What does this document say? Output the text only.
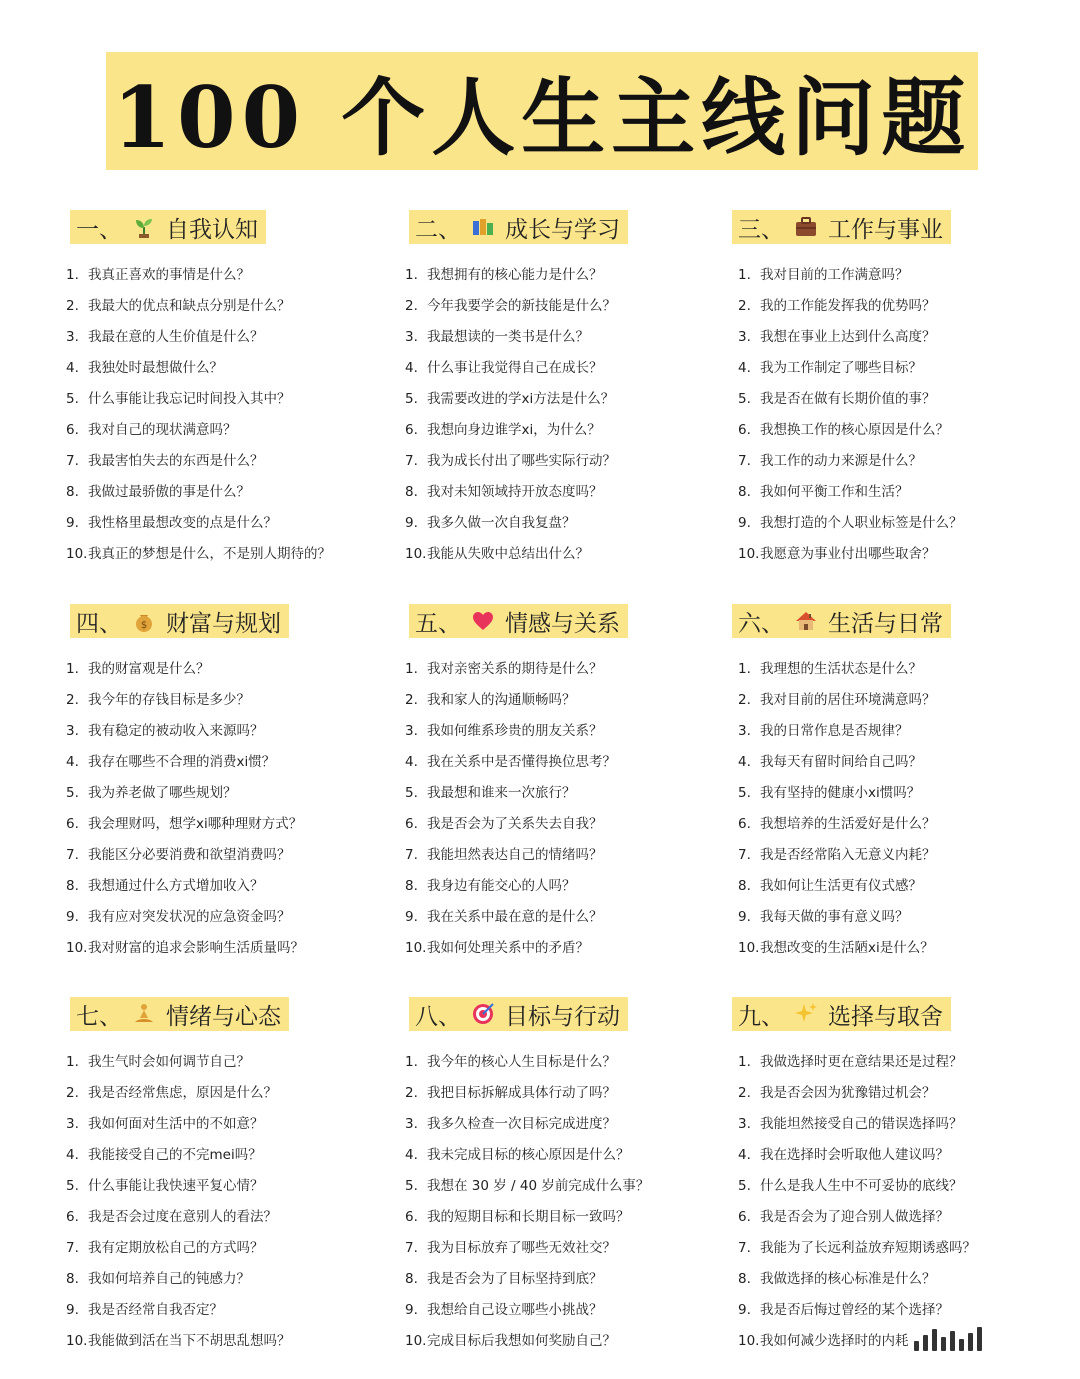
100 个人生主线问题
一、 自我认知
1. 我真正喜欢的事情是什么？
2. 我最大的优点和缺点分别是什么？
3. 我最在意的人生价值是什么？
4. 我独处时最想做什么？
5. 什么事能让我忘记时间投入其中？
6. 我对自己的现状满意吗？
7. 我最害怕失去的东西是什么？
8. 我做过最骄傲的事是什么？
9. 我性格里最想改变的点是什么？
10. 我真正的梦想是什么，不是别人期待的？
二、 成长与学习
1. 我想拥有的核心能力是什么？
2. 今年我要学会的新技能是什么？
3. 我最想读的一类书是什么？
4. 什么事让我觉得自己在成长？
5. 我需要改进的学xi方法是什么？
6. 我想向身边谁学xi，为什么？
7. 我为成长付出了哪些实际行动？
8. 我对未知领域持开放态度吗？
9. 我多久做一次自我复盘？
10. 我能从失败中总结出什么？
三、 工作与事业
1. 我对目前的工作满意吗？
2. 我的工作能发挥我的优势吗？
3. 我想在事业上达到什么高度？
4. 我为工作制定了哪些目标？
5. 我是否在做有长期价值的事？
6. 我想换工作的核心原因是什么？
7. 我工作的动力来源是什么？
8. 我如何平衡工作和生活？
9. 我想打造的个人职业标签是什么？
10. 我愿意为事业付出哪些取舍？
四、 $ 财富与规划
1. 我的财富观是什么？
2. 我今年的存钱目标是多少？
3. 我有稳定的被动收入来源吗？
4. 我存在哪些不合理的消费xi惯？
5. 我为养老做了哪些规划？
6. 我会理财吗，想学xi哪种理财方式？
7. 我能区分必要消费和欲望消费吗？
8. 我想通过什么方式增加收入？
9. 我有应对突发状况的应急资金吗？
10. 我对财富的追求会影响生活质量吗？
五、 情感与关系
1. 我对亲密关系的期待是什么？
2. 我和家人的沟通顺畅吗？
3. 我如何维系珍贵的朋友关系？
4. 我在关系中是否懂得换位思考？
5. 我最想和谁来一次旅行？
6. 我是否会为了关系失去自我？
7. 我能坦然表达自己的情绪吗？
8. 我身边有能交心的人吗？
9. 我在关系中最在意的是什么？
10. 我如何处理关系中的矛盾？
六、 生活与日常
1. 我理想的生活状态是什么？
2. 我对目前的居住环境满意吗？
3. 我的日常作息是否规律？
4. 我每天有留时间给自己吗？
5. 我有坚持的健康小xi惯吗？
6. 我想培养的生活爱好是什么？
7. 我是否经常陷入无意义内耗？
8. 我如何让生活更有仪式感？
9. 我每天做的事有意义吗？
10. 我想改变的生活陋xi是什么？
七、 情绪与心态
1. 我生气时会如何调节自己？
2. 我是否经常焦虑，原因是什么？
3. 我如何面对生活中的不如意？
4. 我能接受自己的不完mei吗？
5. 什么事能让我快速平复心情？
6. 我是否会过度在意别人的看法？
7. 我有定期放松自己的方式吗？
8. 我如何培养自己的钝感力？
9. 我是否经常自我否定？
10. 我能做到活在当下不胡思乱想吗？
八、 目标与行动
1. 我今年的核心人生目标是什么？
2. 我把目标拆解成具体行动了吗？
3. 我多久检查一次目标完成进度？
4. 我未完成目标的核心原因是什么？
5. 我想在 30 岁 / 40 岁前完成什么事？
6. 我的短期目标和长期目标一致吗？
7. 我为目标放弃了哪些无效社交？
8. 我是否会为了目标坚持到底？
9. 我想给自己设立哪些小挑战？
10. 完成目标后我想如何奖励自己？
九、 选择与取舍
1. 我做选择时更在意结果还是过程？
2. 我是否会因为犹豫错过机会？
3. 我能坦然接受自己的错误选择吗？
4. 我在选择时会听取他人建议吗？
5. 什么是我人生中不可妥协的底线？
6. 我是否会为了迎合别人做选择？
7. 我能为了长远利益放弃短期诱惑吗？
8. 我做选择的核心标准是什么？
9. 我是否后悔过曾经的某个选择？
10. 我如何减少选择时的内耗
